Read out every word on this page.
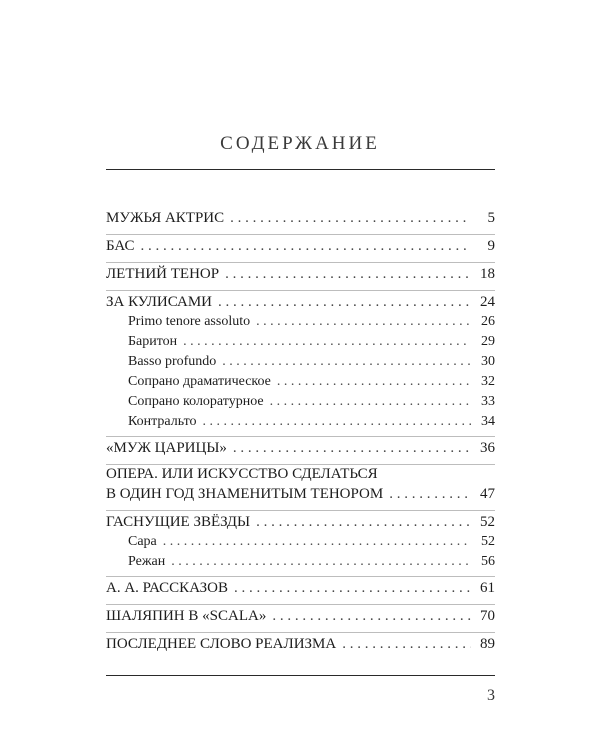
СОДЕРЖАНИЕ
МУЖЬЯ АКТРИС . . .	5
БАС . . .	9
ЛЕТНИЙ ТЕНОР . . .	18
ЗА КУЛИСАМИ . . .	24
Primo tenore assoluto . . .	26
Баритон . . .	29
Basso profundo . . .	30
Сопрано драматическое . . .	32
Сопрано колоратурное . . .	33
Контральто . . .	34
«МУЖ ЦАРИЦЫ» . . .	36
ОПЕРА. ИЛИ ИСКУССТВО СДЕЛАТЬСЯ
В ОДИН ГОД ЗНАМЕНИТЫМ ТЕНОРОМ . . .	47
ГАСНУЩИЕ ЗВЁЗДЫ . . .	52
Сара . . .	52
Режан . . .	56
А. А. РАССКАЗОВ . . .	61
ШАЛЯПИН В «SCALA» . . .	70
ПОСЛЕДНЕЕ СЛОВО РЕАЛИЗМА . . .	89
3
